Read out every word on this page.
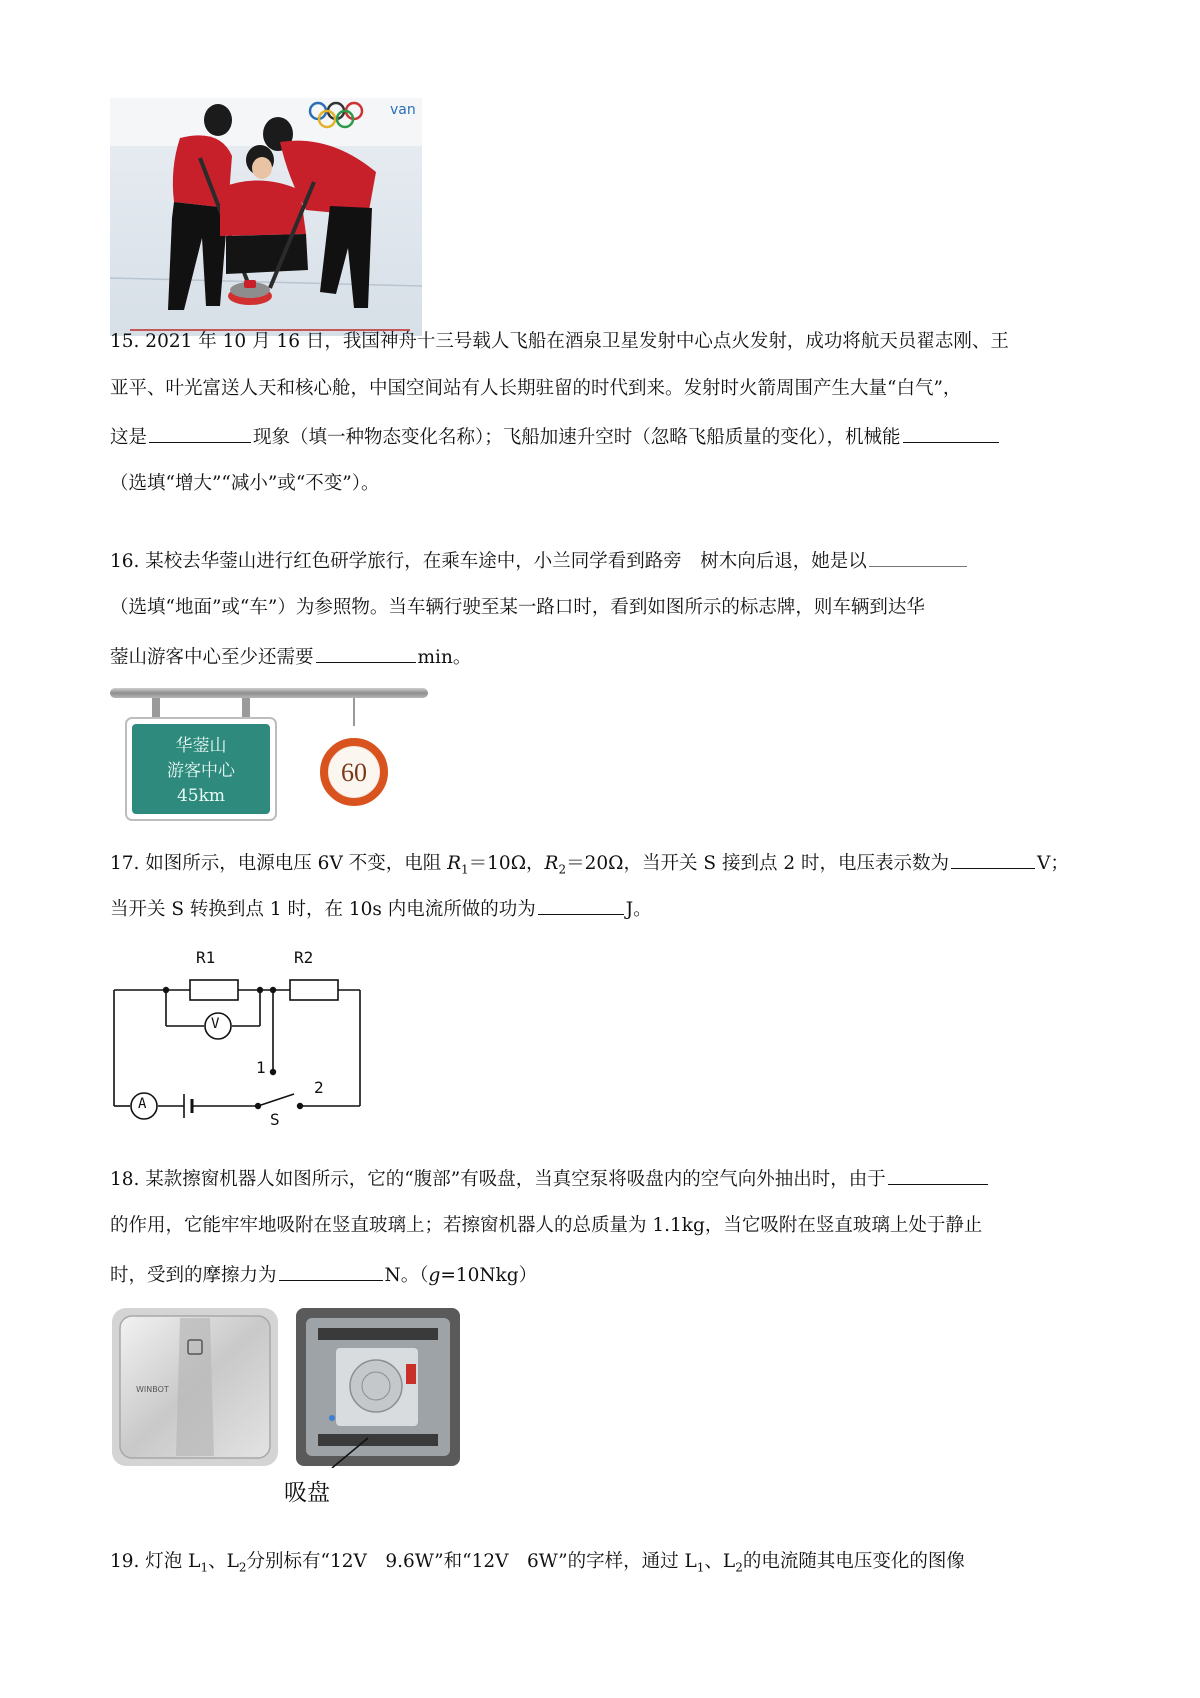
van
15. 2021 年 10 月 16 日，我国神舟十三号载人飞船在酒泉卫星发射中心点火发射，成功将航天员翟志刚、王
亚平、叶光富送人天和核心舱，中国空间站有人长期驻留的时代到来。发射时火箭周围产生大量“白气”，
这是	现象（填一种物态变化名称）；飞船加速升空时（忽略飞船质量的变化），机械能
（选填“增大”“减小”或“不变”）。
16. 某校去华蓥山进行红色研学旅行，在乘车途中，小兰同学看到路旁　树木向后退，她是以
（选填“地面”或“车”）为参照物。当车辆行驶至某一路口时，看到如图所示的标志牌，则车辆到达华
蓥山游客中心至少还需要	min。
华蓥山
游客中心
45km
60
17. 如图所示，电源电压 6V 不变，电阻 $R_1=10\Omega$，$R_2=20\Omega$，当开关 S 接到点 2 时，电压表示数为	V；
当开关 S 转换到点 1 时，在 10s 内电流所做的功为	J。
R1	R2
V
A
1
2
S
18. 某款擦窗机器人如图所示，它的“腹部”有吸盘，当真空泵将吸盘内的空气向外抽出时，由于
的作用，它能牢牢地吸附在竖直玻璃上；若擦窗机器人的总质量为 1.1kg，当它吸附在竖直玻璃上处于静止
时，受到的摩擦力为	N。（g=10Nkg）
WINBOT
吸盘
19. 灯泡 $L_1$、$L_2$分别标有“12V　9.6W”和“12V　6W”的字样，通过 $L_1$、$L_2$的电流随其电压变化的图像
